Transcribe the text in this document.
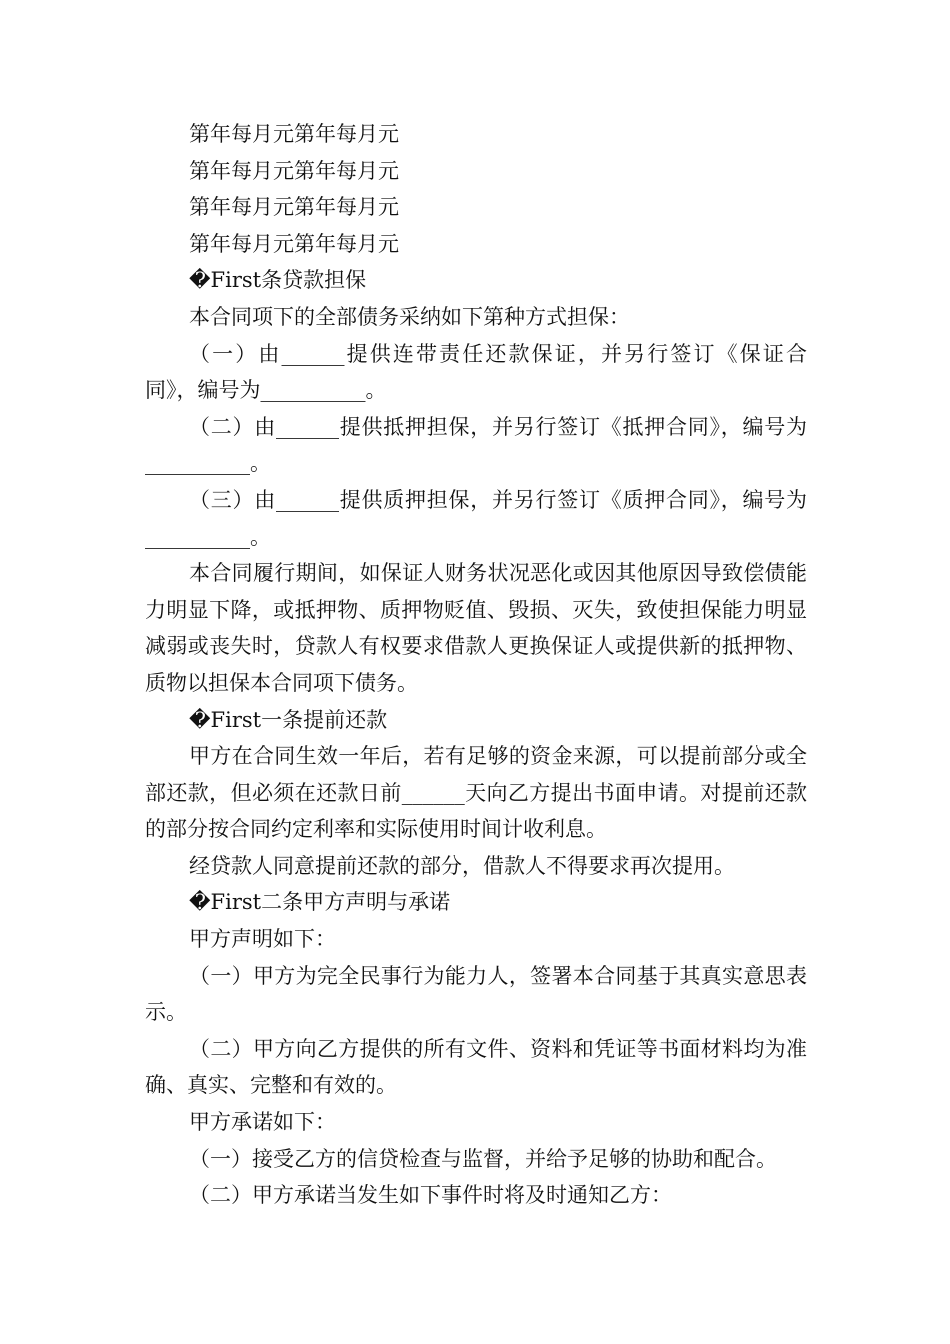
第年每月元第年每月元

第年每月元第年每月元

第年每月元第年每月元

第年每月元第年每月元

�First条贷款担保

本合同项下的全部债务采纳如下第种方式担保：

（一）由______提供连带责任还款保证，并另行签订《保证合同》，编号为__________。

（二）由______提供抵押担保，并另行签订《抵押合同》，编号为__________。

（三）由______提供质押担保，并另行签订《质押合同》，编号为__________。

本合同履行期间，如保证人财务状况恶化或因其他原因导致偿债能力明显下降，或抵押物、质押物贬值、毁损、灭失，致使担保能力明显减弱或丧失时，贷款人有权要求借款人更换保证人或提供新的抵押物、质物以担保本合同项下债务。

�First一条提前还款

甲方在合同生效一年后，若有足够的资金来源，可以提前部分或全部还款，但必须在还款日前______天向乙方提出书面申请。对提前还款的部分按合同约定利率和实际使用时间计收利息。

经贷款人同意提前还款的部分，借款人不得要求再次提用。

�First二条甲方声明与承诺

甲方声明如下：

（一）甲方为完全民事行为能力人，签署本合同基于其真实意思表示。

（二）甲方向乙方提供的所有文件、资料和凭证等书面材料均为准确、真实、完整和有效的。

甲方承诺如下：

（一）接受乙方的信贷检查与监督，并给予足够的协助和配合。

（二）甲方承诺当发生如下事件时将及时通知乙方：
